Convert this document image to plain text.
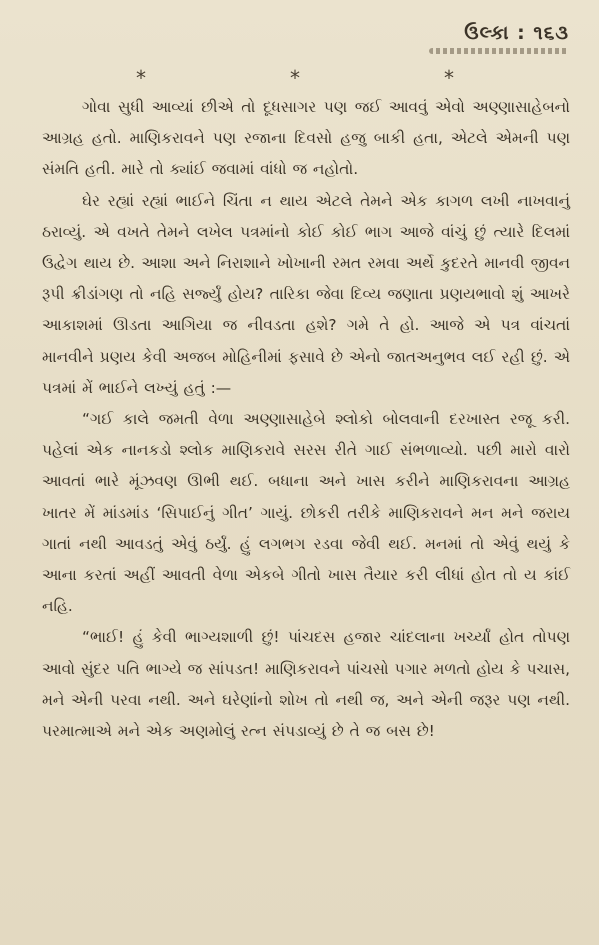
ઉલ્કા : ૧૬૩
*	*	*

ગોવા સુધી આવ્યાં છીએ તો દૂધસાગર પણ જઈ આવવું એવો અણ્ણાસાહેબનો આગ્રહ હતો. માણિકરાવને પણ રજાના દિવસો હજુ બાકી હતા, એટલે એમની પણ સંમતિ હતી. મારે તો ક્યાંઈ જવામાં વાંધો જ નહોતો.

ઘેર રહ્યાં રહ્યાં ભાઈને ચિંતા ન થાય એટલે તેમને એક કાગળ લખી નાખવાનું ઠરાવ્યું. એ વખતે તેમને લખેલ પત્રમાંનો કોઈ કોઈ ભાગ આજે વાંચું છું ત્યારે દિલમાં ઉદ્વેગ થાય છે. આશા અને નિરાશાને ખોખાની રમત રમવા અર્થે કુદરતે માનવી જીવન રૂપી ક્રીડાંગણ તો નહિ સર્જ્યું હોય? તારિકા જેવા દિવ્ય જણાતા પ્રણયભાવો શું આખરે આકાશમાં ઊડતા આગિયા જ નીવડતા હશે? ગમે તે હો. આજે એ પત્ર વાંચતાં માનવીને પ્રણય કેવી અજબ મોહિનીમાં ફસાવે છે એનો જાતઅનુભવ લઈ રહી છું. એ પત્રમાં મેં ભાઈને લખ્યું હતું :—

“ગઈ કાલે જમતી વેળા અણ્ણાસાહેબે શ્લોકો બોલવાની દરખાસ્ત રજૂ કરી. પહેલાં એક નાનકડો શ્લોક માણિકરાવે સરસ રીતે ગાઈ સંભળાવ્યો. પછી મારો વારો આવતાં ભારે મૂંઝવણ ઊભી થઈ. બધાના અને ખાસ કરીને માણિકરાવના આગ્રહ ખાતર મેં માંડમાંડ ‘સિપાઈનું ગીત’ ગાયું. છોકરી તરીકે માણિકરાવને મન મને જરાય ગાતાં નથી આવડતું એવું ઠર્યું. હું લગભગ રડવા જેવી થઈ. મનમાં તો એવું થયું કે આના કરતાં અહીં આવતી વેળા એકબે ગીતો ખાસ તૈયાર કરી લીધાં હોત તો ય કાંઈ નહિ.

“ભાઈ! હું કેવી ભાગ્યશાળી છું! પાંચદસ હજાર ચાંદલાના ખર્ચ્યાં હોત તોપણ આવો સુંદર પતિ ભાગ્યે જ સાંપડત! માણિકરાવને પાંચસો પગાર મળતો હોય કે પચાસ, મને એની પરવા નથી. અને ઘરેણાંનો શોખ તો નથી જ, અને એની જરૂર પણ નથી. પરમાત્માએ મને એક અણમોલું રત્ન સંપડાવ્યું છે તે જ બસ છે!
